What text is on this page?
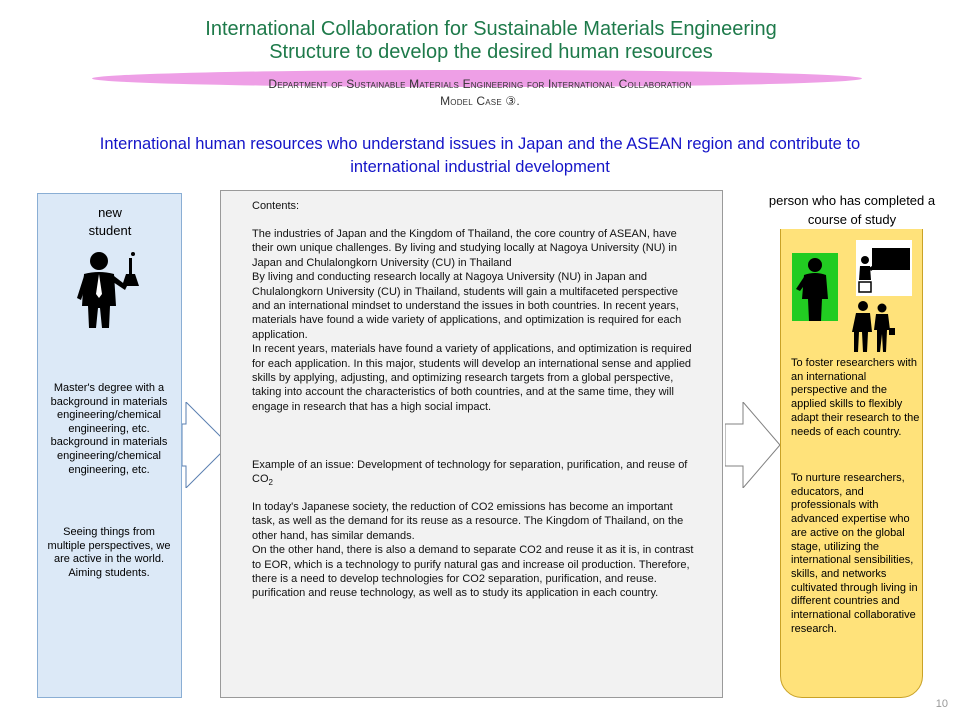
International Collaboration for Sustainable Materials Engineering
Structure to develop the desired human resources
Department of Sustainable Materials Engineering for International Collaboration
Model Case ③.
International human resources who understand issues in Japan and the ASEAN region and contribute to
international industrial development
new
student
Master's degree with a background in materials engineering/chemical engineering, etc. background in materials engineering/chemical engineering, etc.
Seeing things from multiple perspectives, we are active in the world. Aiming students.
Contents:

The industries of Japan and the Kingdom of Thailand, the core country of ASEAN, have their own unique challenges. By living and studying locally at Nagoya University (NU) in Japan and Chulalongkorn University (CU) in Thailand

By living and conducting research locally at Nagoya University (NU) in Japan and Chulalongkorn University (CU) in Thailand, students will gain a multifaceted perspective and an international mindset to understand the issues in both countries. In recent years, materials have found a wide variety of applications, and optimization is required for each application.

In recent years, materials have found a variety of applications, and optimization is required for each application. In this major, students will develop an international sense and applied skills by applying, adjusting, and optimizing research targets from a global perspective, taking into account the characteristics of both countries, and at the same time, they will engage in research that has a high social impact.

Example of an issue: Development of technology for separation, purification, and reuse of $CO_2$

In today's Japanese society, the reduction of CO2 emissions has become an important task, as well as the demand for its reuse as a resource. The Kingdom of Thailand, on the other hand, has similar demands.

On the other hand, there is also a demand to separate CO2 and reuse it as it is, in contrast to EOR, which is a technology to purify natural gas and increase oil production. Therefore, there is a need to develop technologies for CO2 separation, purification, and reuse.

purification and reuse technology, as well as to study its application in each country.

person who has completed a
course of study
To foster researchers with an international perspective and the applied skills to flexibly adapt their research to the needs of each country.
To nurture researchers, educators, and professionals with advanced expertise who are active on the global stage, utilizing the international sensibilities, skills, and networks cultivated through living in different countries and international collaborative research.
10
